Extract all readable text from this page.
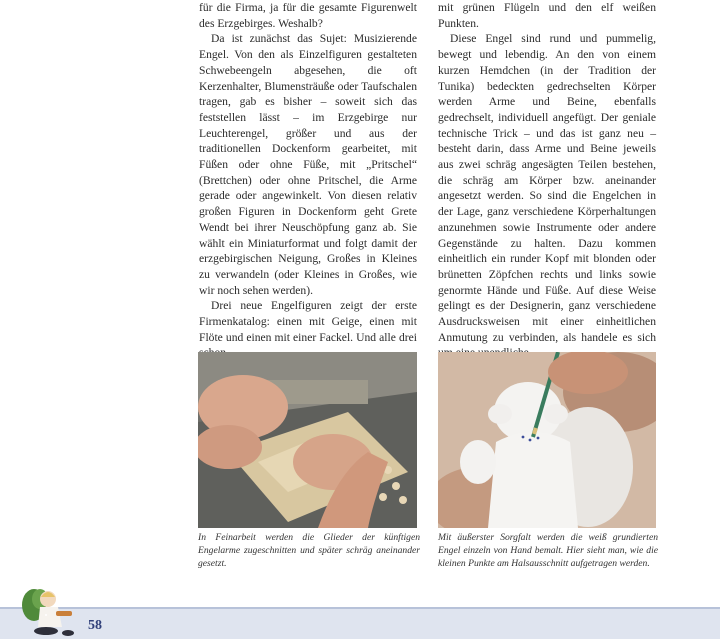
für die Firma, ja für die gesamte Figurenwelt des Erzgebirges. Weshalb?

Da ist zunächst das Sujet: Musizierende Engel. Von den als Einzelfiguren gestalteten Schwebeengeln abgesehen, die oft Kerzenhalter, Blumensträuße oder Taufschalen tragen, gab es bisher – soweit sich das feststellen lässt – im Erzgebirge nur Leuchterengel, größer und aus der traditionellen Dockenform gearbeitet, mit Füßen oder ohne Füße, mit „Pritschel“ (Brettchen) oder ohne Pritschel, die Arme gerade oder angewinkelt. Von diesen relativ großen Figuren in Dockenform geht Grete Wendt bei ihrer Neuschöpfung ganz ab. Sie wählt ein Miniaturformat und folgt damit der erzgebirgischen Neigung, Großes in Kleines zu verwandeln (oder Kleines in Großes, wie wir noch sehen werden).

Drei neue Engelfiguren zeigt der erste Firmenkatalog: einen mit Geige, einen mit Flöte und einen mit einer Fackel. Und alle drei

mit grünen Flügeln und den elf weißen Punkten.

Diese Engel sind rund und pummelig, bewegt und lebendig. An den von einem kurzen Hemdchen (in der Tradition der Tunika) bedeckten gedrechselten Körper werden Arme und Beine, ebenfalls gedrechselt, individuell angefügt. Der geniale technische Trick – und das ist ganz neu – besteht darin, dass Arme und Beine jeweils aus zwei schräg angesägten Teilen bestehen, die schräg am Körper bzw. aneinander angesetzt werden. So sind die Engelchen in der Lage, ganz verschiedene Körperhaltungen anzunehmen sowie Instrumente oder andere Gegenstände zu halten. Dazu kommen einheitlich ein runder Kopf mit blonden oder brünetten Zöpfchen rechts und links sowie genormte Hände und Füße. Auf diese Weise gelingt es der Designerin, ganz verschiedene Ausdrucksweisen mit einer einheitlichen Anmutung zu verbinden, als handele es sich

In Feinarbeit werden die Glieder der künftigen Engelarme zugeschnitten und später schräg aneinander gesetzt.
Mit äußerster Sorgfalt werden die weiß grundierten Engel einzeln von Hand bemalt. Hier sieht man, wie die kleinen Punkte am Halsausschnitt aufgetragen werden.
58
